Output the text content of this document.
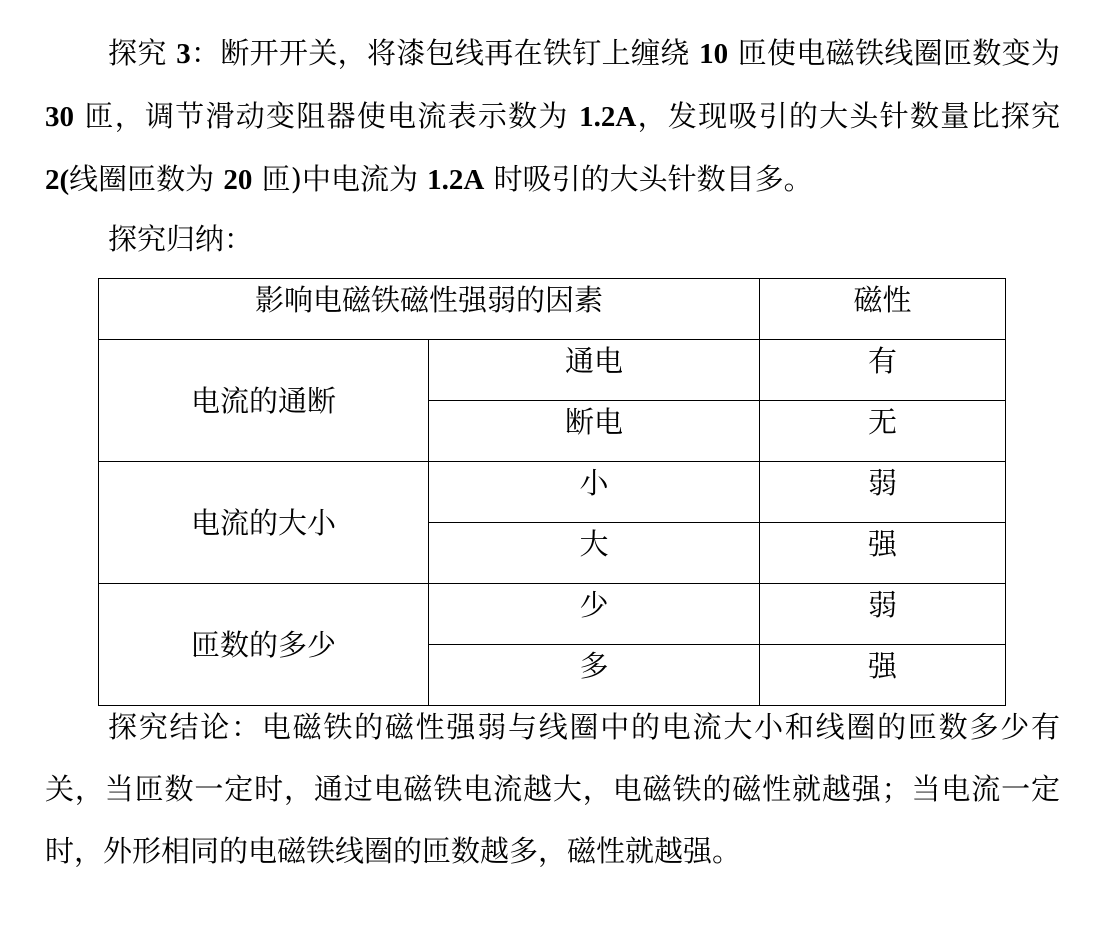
探究 3：断开开关，将漆包线再在铁钉上缠绕 10 匝使电磁铁线圈匝数变为 30 匝，调节滑动变阻器使电流表示数为 1.2A，发现吸引的大头针数量比探究 2(线圈匝数为 20 匝)中电流为 1.2A 时吸引的大头针数目多。

探究归纳：

影响电磁铁磁性强弱的因素		磁性
电流的通断	通电	有
	断电	无
电流的大小	小	弱
	大	强
匝数的多少	少	弱
	多	强

探究结论：电磁铁的磁性强弱与线圈中的电流大小和线圈的匝数多少有关，当匝数一定时，通过电磁铁电流越大，电磁铁的磁性就越强；当电流一定时，外形相同的电磁铁线圈的匝数越多，磁性就越强。
